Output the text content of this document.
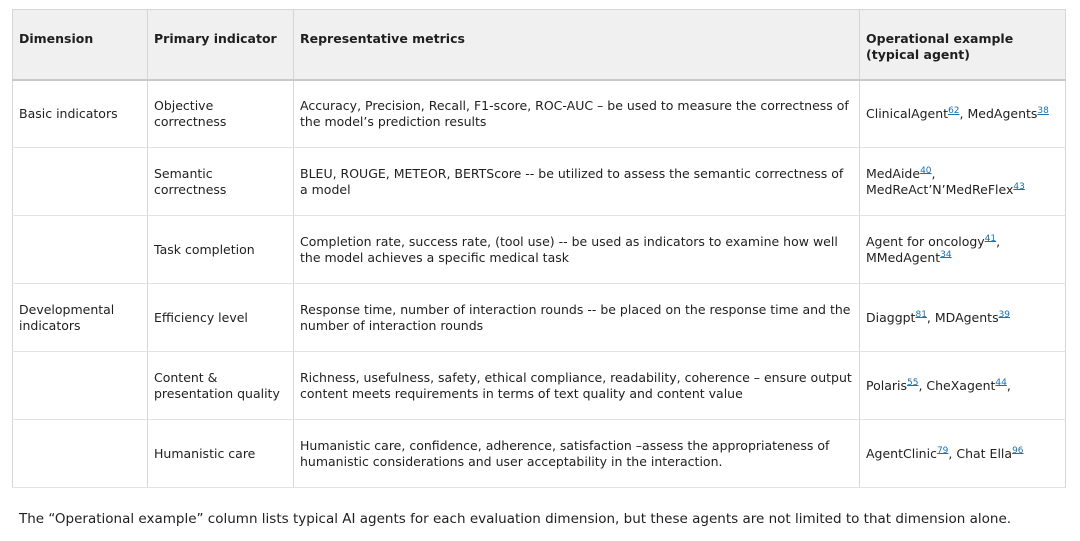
Dimension	Primary indicator	Representative metrics	Operational example (typical agent)
Basic indicators	Objective correctness	Accuracy, Precision, Recall, F1-score, ROC-AUC – be used to measure the correctness of the model’s prediction results	ClinicalAgent$^{62}$, MedAgents$^{38}$
	Semantic correctness	BLEU, ROUGE, METEOR, BERTScore -- be utilized to assess the semantic correctness of a model	MedAide$^{40}$,
MedReAct’N’MedReFlex$^{43}$
	Task completion	Completion rate, success rate, (tool use) -- be used as indicators to examine how well the model achieves a specific medical task	Agent for oncology$^{41}$,
MMedAgent$^{34}$
Developmental indicators	Efficiency level	Response time, number of interaction rounds -- be placed on the response time and the number of interaction rounds	Diaggpt$^{81}$, MDAgents$^{39}$
	Content & presentation quality	Richness, usefulness, safety, ethical compliance, readability, coherence – ensure output content meets requirements in terms of text quality and content value	Polaris$^{55}$, CheXagent$^{44}$,
	Humanistic care	Humanistic care, confidence, adherence, satisfaction –assess the appropriateness of humanistic considerations and user acceptability in the interaction.	AgentClinic$^{79}$, Chat Ella$^{96}$
The “Operational example” column lists typical AI agents for each evaluation dimension, but these agents are not limited to that dimension alone.
